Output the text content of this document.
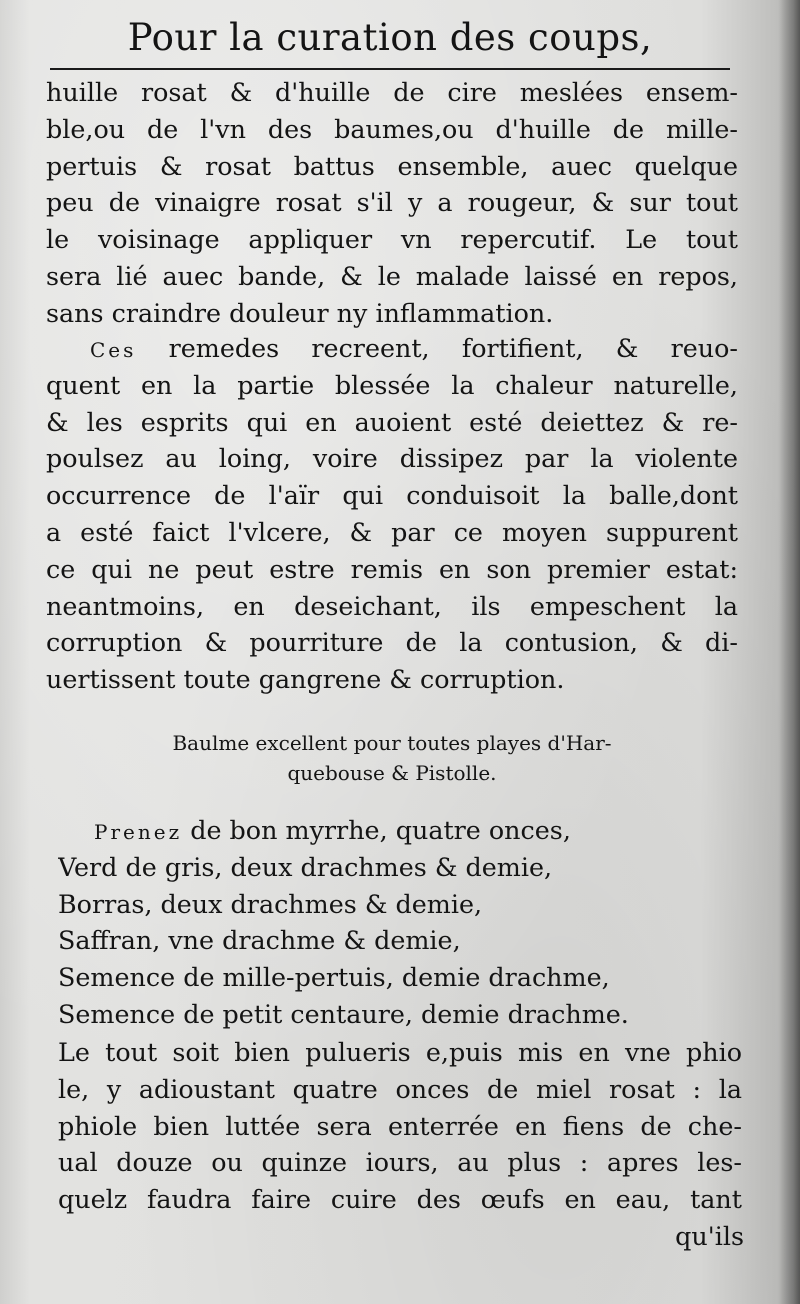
Pour la curation des coups,
huille rosat & d'huille de cire meslées ensem-
ble,ou de l'vn des baumes,ou d'huille de mille-
pertuis & rosat battus ensemble, auec quelque
peu de vinaigre rosat s'il y a rougeur, & sur tout
le voisinage appliquer vn repercutif. Le tout
sera lié auec bande, & le malade laissé en repos,
sans craindre douleur ny inflammation.
Ces remedes recreent, fortifient, & reuo-
quent en la partie blessée la chaleur naturelle,
& les esprits qui en auoient esté deiettez & re-
poulsez au loing, voire dissipez par la violente
occurrence de l'aïr qui conduisoit la balle,dont
a esté faict l'vlcere, & par ce moyen suppurent
ce qui ne peut estre remis en son premier estat:
neantmoins, en deseichant, ils empeschent la
corruption & pourriture de la contusion, & di-
uertissent toute gangrene & corruption.
Baulme excellent pour toutes playes d'Har-
quebouse & Pistolle.
Prenez de bon myrrhe, quatre onces,
Verd de gris, deux drachmes & demie,
Borras, deux drachmes & demie,
Saffran, vne drachme & demie,
Semence de mille-pertuis, demie drachme,
Semence de petit centaure, demie drachme.
Le tout soit bien pulueris e,puis mis en vne phio
le, y adioustant quatre onces de miel rosat : la
phiole bien luttée sera enterrée en fiens de che-
ual douze ou quinze iours, au plus : apres les-
quelz faudra faire cuire des œufs en eau, tant
qu'ils
